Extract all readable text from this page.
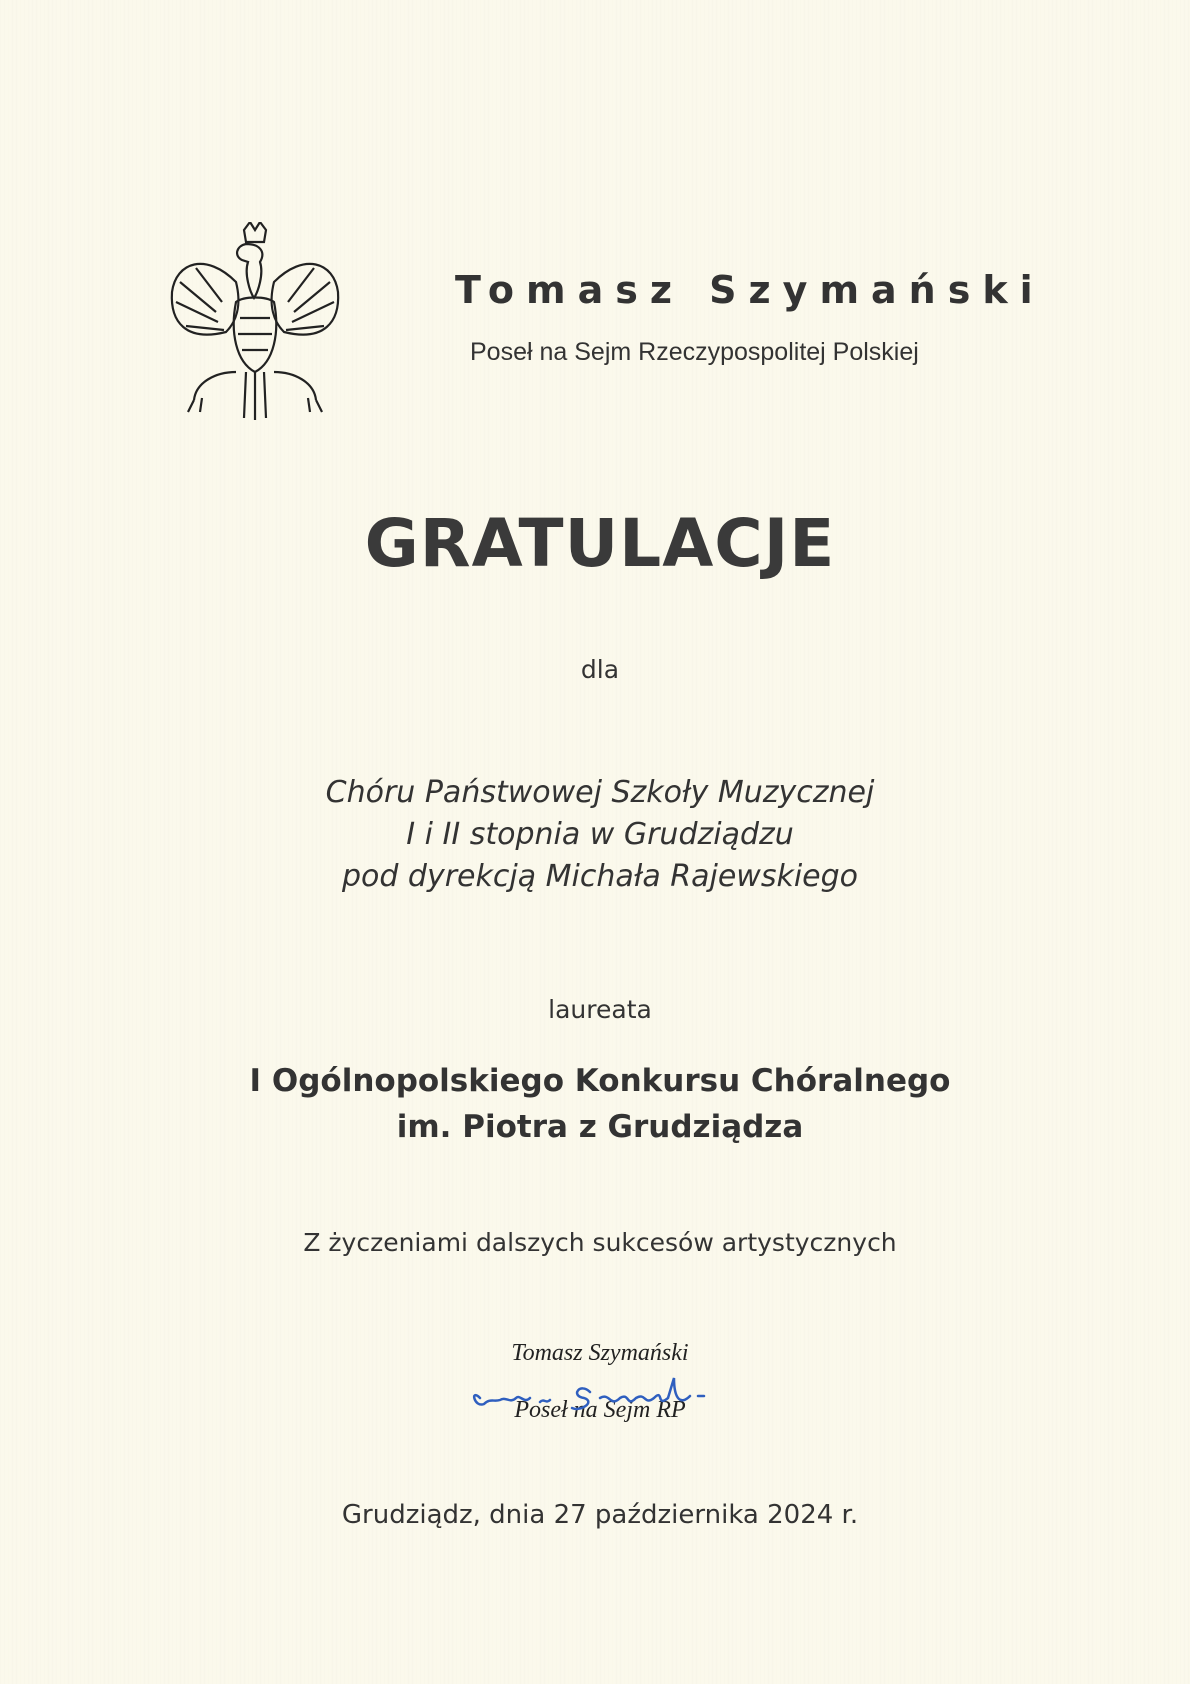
Tomasz Szymański
Poseł na Sejm Rzeczypospolitej Polskiej
GRATULACJE
dla
Chóru Państwowej Szkoły Muzycznej
I i II stopnia w Grudziądzu
pod dyrekcją Michała Rajewskiego
laureata
I Ogólnopolskiego Konkursu Chóralnego
im. Piotra z Grudziądza
Z życzeniami dalszych sukcesów artystycznych
Tomasz Szymański
Poseł na Sejm RP
Grudziądz, dnia 27 października 2024 r.
